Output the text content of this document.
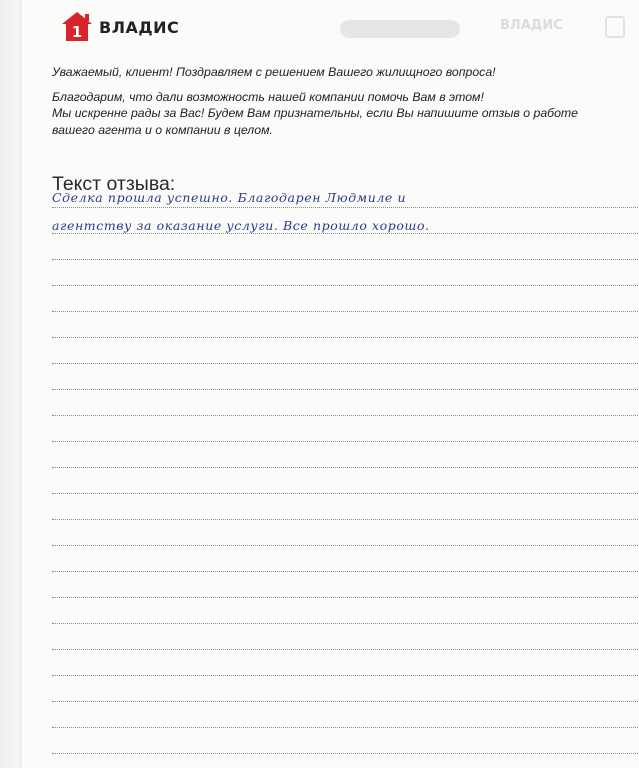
1 ВЛАДИС

Уважаемый, клиент! Поздравляем с решением Вашего жилищного вопроса!

Благодарим, что дали возможность нашей компании помочь Вам в этом!

Мы искренне рады за Вас! Будем Вам признательны, если Вы напишите отзыв о работе

вашего агента и о компании в целом.

Текст отзыва:
Сделка прошла успешно. Благодарен Людмиле и
агентству за оказание услуги. Все прошло хорошо.
